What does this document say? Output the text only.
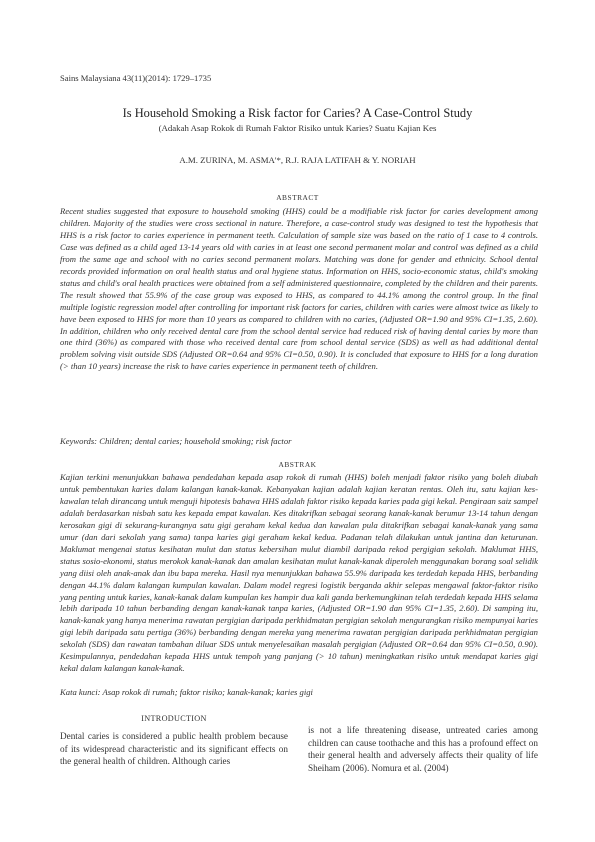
Sains Malaysiana 43(11)(2014): 1729–1735
Is Household Smoking a Risk factor for Caries? A Case-Control Study
(Adakah Asap Rokok di Rumah Faktor Risiko untuk Karies? Suatu Kajian Kes
A.M. ZURINA, M. ASMA'*, R.J. RAJA LATIFAH & Y. NORIAH
ABSTRACT

Recent studies suggested that exposure to household smoking (HHS) could be a modifiable risk factor for caries development among children. Majority of the studies were cross sectional in nature. Therefore, a case-control study was designed to test the hypothesis that HHS is a risk factor to caries experience in permanent teeth. Calculation of sample size was based on the ratio of 1 case to 4 controls. Case was defined as a child aged 13-14 years old with caries in at least one second permanent molar and control was defined as a child from the same age and school with no caries second permanent molars. Matching was done for gender and ethnicity. School dental records provided information on oral health status and oral hygiene status. Information on HHS, socio-economic status, child's smoking status and child's oral health practices were obtained from a self administered questionnaire, completed by the children and their parents. The result showed that 55.9% of the case group was exposed to HHS, as compared to 44.1% among the control group. In the final multiple logistic regression model after controlling for important risk factors for caries, children with caries were almost twice as likely to have been exposed to HHS for more than 10 years as compared to children with no caries, (Adjusted OR=1.90 and 95% CI=1.35, 2.60). In addition, children who only received dental care from the school dental service had reduced risk of having dental caries by more than one third (36%) as compared with those who received dental care from school dental service (SDS) as well as had additional dental problem solving visit outside SDS (Adjusted OR=0.64 and 95% CI=0.50, 0.90). It is concluded that exposure to HHS for a long duration (> than 10 years) increase the risk to have caries experience in permanent teeth of children.

Keywords: Children; dental caries; household smoking; risk factor
ABSTRAK

Kajian terkini menunjukkan bahawa pendedahan kepada asap rokok di rumah (HHS) boleh menjadi faktor risiko yang boleh diubah untuk pembentukan karies dalam kalangan kanak-kanak. Kebanyakan kajian adalah kajian keratan rentas. Oleh itu, satu kajian kes-kawalan telah dirancang untuk menguji hipotesis bahawa HHS adalah faktor risiko kepada karies pada gigi kekal. Pengiraan saiz sampel adalah berdasarkan nisbah satu kes kepada empat kawalan. Kes ditakrifkan sebagai seorang kanak-kanak berumur 13-14 tahun dengan kerosakan gigi di sekurang-kurangnya satu gigi geraham kekal kedua dan kawalan pula ditakrifkan sebagai kanak-kanak yang sama umur (dan dari sekolah yang sama) tanpa karies gigi geraham kekal kedua. Padanan telah dilakukan untuk jantina dan keturunan. Maklumat mengenai status kesihatan mulut dan status kebersihan mulut diambil daripada rekod pergigian sekolah. Maklumat HHS, status sosio-ekonomi, status merokok kanak-kanak dan amalan kesihatan mulut kanak-kanak diperoleh menggunakan borang soal selidik yang diisi oleh anak-anak dan ibu bapa mereka. Hasil nya menunjukkan bahawa 55.9% daripada kes terdedah kepada HHS, berbanding dengan 44.1% dalam kalangan kumpulan kawalan. Dalam model regresi logistik berganda akhir selepas mengawal faktor-faktor risiko yang penting untuk karies, kanak-kanak dalam kumpulan kes hampir dua kali ganda berkemungkinan telah terdedah kepada HHS selama lebih daripada 10 tahun berbanding dengan kanak-kanak tanpa karies, (Adjusted OR=1.90 dan 95% CI=1.35, 2.60). Di samping itu, kanak-kanak yang hanya menerima rawatan pergigian daripada perkhidmatan pergigian sekolah mengurangkan risiko mempunyai karies gigi lebih daripada satu pertiga (36%) berbanding dengan mereka yang menerima rawatan pergigian daripada perkhidmatan pergigian sekolah (SDS) dan rawatan tambahan diluar SDS untuk menyelesaikan masalah pergigian (Adjusted OR=0.64 dan 95% CI=0.50, 0.90). Kesimpulannya, pendedahan kepada HHS untuk tempoh yang panjang (> 10 tahun) meningkatkan risiko untuk mendapat karies gigi kekal dalam kalangan kanak-kanak.

Kata kunci: Asap rokok di rumah; faktor risiko; kanak-kanak; karies gigi
INTRODUCTION

Dental caries is considered a public health problem because of its widespread characteristic and its significant effects on the general health of children. Although caries

is not a life threatening disease, untreated caries among children can cause toothache and this has a profound effect on their general health and adversely affects their quality of life Sheiham (2006). Nomura et al. (2004)
